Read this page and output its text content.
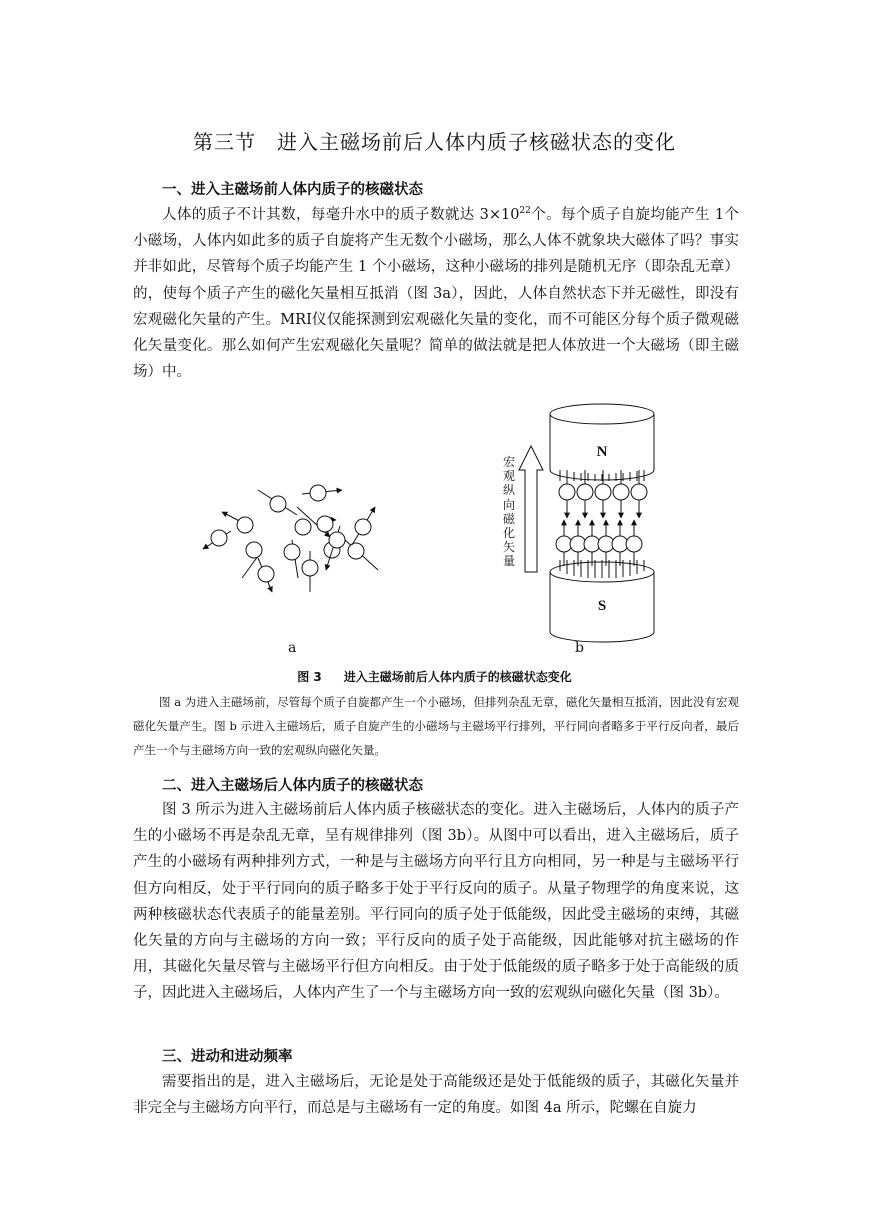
第三节　进入主磁场前后人体内质子核磁状态的变化
一、进入主磁场前人体内质子的核磁状态

人体的质子不计其数，每毫升水中的质子数就达 $3\times 10^{22}$个。每个质子自旋均能产生 1个小磁场，人体内如此多的质子自旋将产生无数个小磁场，那么人体不就象块大磁体了吗？事实并非如此，尽管每个质子均能产生 1 个小磁场，这种小磁场的排列是随机无序（即杂乱无章）的，使每个质子产生的磁化矢量相互抵消（图 3a），因此，人体自然状态下并无磁性，即没有宏观磁化矢量的产生。MRI仪仅能探测到宏观磁化矢量的变化，而不可能区分每个质子微观磁化矢量变化。那么如何产生宏观磁化矢量呢？简单的做法就是把人体放进一个大磁场（即主磁场）中。

N
S
宏观纵向磁化矢量
a	b
图 3 进入主磁场前后人体内质子的核磁状态变化

图 a 为进入主磁场前，尽管每个质子自旋都产生一个小磁场，但排列杂乱无章，磁化矢量相互抵消，因此没有宏观磁化矢量产生。图 b 示进入主磁场后，质子自旋产生的小磁场与主磁场平行排列，平行同向者略多于平行反向者，最后产生一个与主磁场方向一致的宏观纵向磁化矢量。

二、进入主磁场后人体内质子的核磁状态

图 3 所示为进入主磁场前后人体内质子核磁状态的变化。进入主磁场后，人体内的质子产生的小磁场不再是杂乱无章，呈有规律排列（图 3b）。从图中可以看出，进入主磁场后，质子产生的小磁场有两种排列方式，一种是与主磁场方向平行且方向相同，另一种是与主磁场平行但方向相反，处于平行同向的质子略多于处于平行反向的质子。从量子物理学的角度来说，这两种核磁状态代表质子的能量差别。平行同向的质子处于低能级，因此受主磁场的束缚，其磁化矢量的方向与主磁场的方向一致；平行反向的质子处于高能级，因此能够对抗主磁场的作用，其磁化矢量尽管与主磁场平行但方向相反。由于处于低能级的质子略多于处于高能级的质子，因此进入主磁场后，人体内产生了一个与主磁场方向一致的宏观纵向磁化矢量（图 3b）。

三、进动和进动频率

需要指出的是，进入主磁场后，无论是处于高能级还是处于低能级的质子，其磁化矢量并非完全与主磁场方向平行，而总是与主磁场有一定的角度。如图 4a 所示，陀螺在自旋力
